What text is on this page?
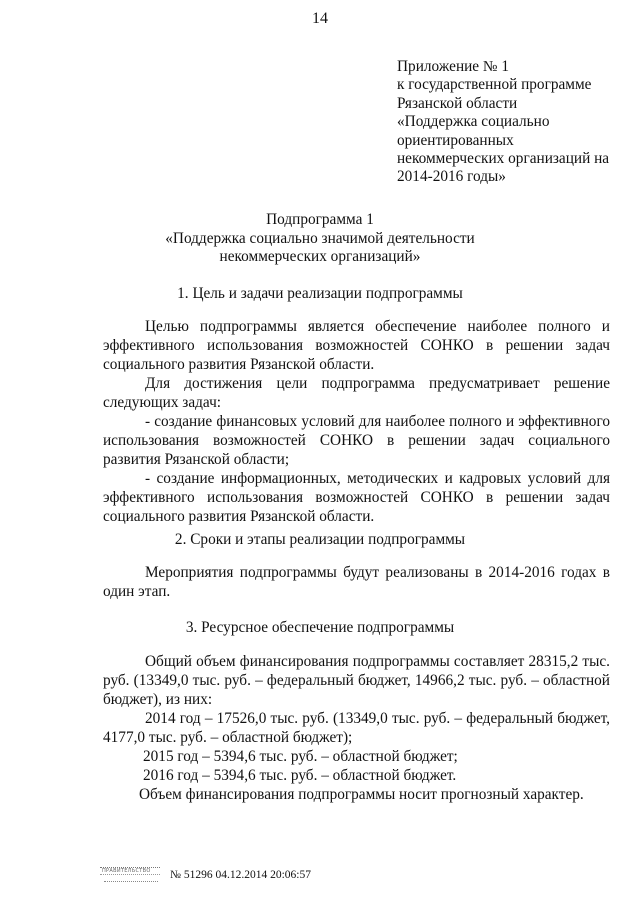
14
Приложение № 1
к государственной программе
Рязанской области
«Поддержка социально
ориентированных
некоммерческих организаций на
2014-2016 годы»
Подпрограмма 1
«Поддержка социально значимой деятельности
некоммерческих организаций»
1. Цель и задачи реализации подпрограммы

Целью подпрограммы является обеспечение наиболее полного и эффективного использования возможностей СОНКО в решении задач социального развития Рязанской области.

Для достижения цели подпрограмма предусматривает решение следующих задач:

- создание финансовых условий для наиболее полного и эффективного использования возможностей СОНКО в решении задач социального развития Рязанской области;

- создание информационных, методических и кадровых условий для эффективного использования возможностей СОНКО в решении задач социального развития Рязанской области.

2. Сроки и этапы реализации подпрограммы

Мероприятия подпрограммы будут реализованы в 2014-2016 годах в один этап.

3. Ресурсное обеспечение подпрограммы

Общий объем финансирования подпрограммы составляет 28315,2 тыс. руб. (13349,0 тыс. руб. – федеральный бюджет, 14966,2 тыс. руб. – областной бюджет), из них:

2014 год – 17526,0 тыс. руб. (13349,0 тыс. руб. – федеральный бюджет, 4177,0 тыс. руб. – областной бюджет);

2015 год – 5394,6 тыс. руб. – областной бюджет;

2016 год – 5394,6 тыс. руб. – областной бюджет.

Объем финансирования подпрограммы носит прогнозный характер.

ПРАВИТЕЛЬСТВО № 51296 04.12.2014 20:06:57
